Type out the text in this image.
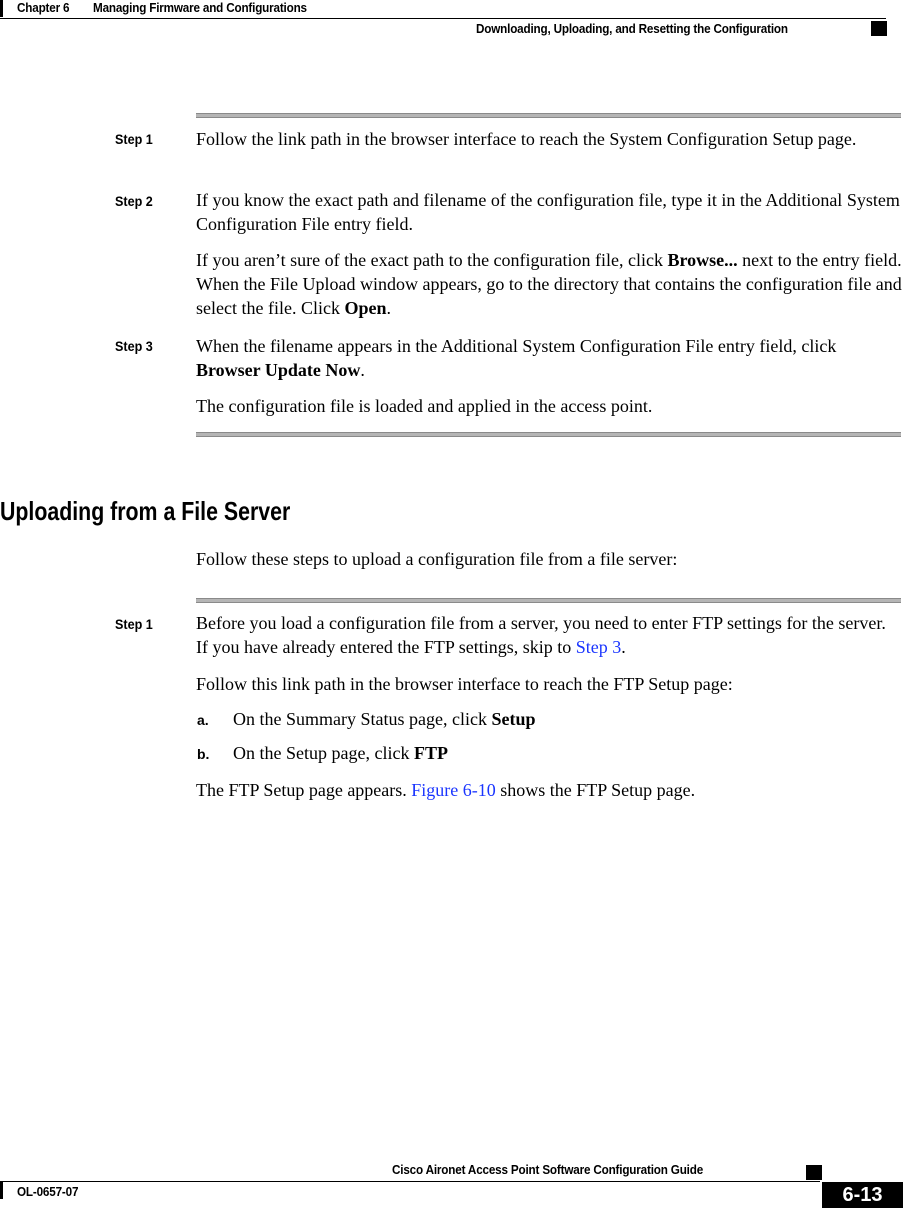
Chapter 6 Managing Firmware and Configurations
Downloading, Uploading, and Resetting the Configuration
Step 1 Follow the link path in the browser interface to reach the System Configuration Setup page.
Step 2 If you know the exact path and filename of the configuration file, type it in the Additional System Configuration File entry field.
If you aren’t sure of the exact path to the configuration file, click Browse... next to the entry field. When the File Upload window appears, go to the directory that contains the configuration file and select the file. Click Open.
Step 3 When the filename appears in the Additional System Configuration File entry field, click Browser Update Now.
The configuration file is loaded and applied in the access point.
Uploading from a File Server
Follow these steps to upload a configuration file from a file server:
Step 1 Before you load a configuration file from a server, you need to enter FTP settings for the server. If you have already entered the FTP settings, skip to Step 3.
Follow this link path in the browser interface to reach the FTP Setup page:
a. On the Summary Status page, click Setup
b. On the Setup page, click FTP
The FTP Setup page appears. Figure 6-10 shows the FTP Setup page.
Cisco Aironet Access Point Software Configuration Guide
OL-0657-07	6-13
